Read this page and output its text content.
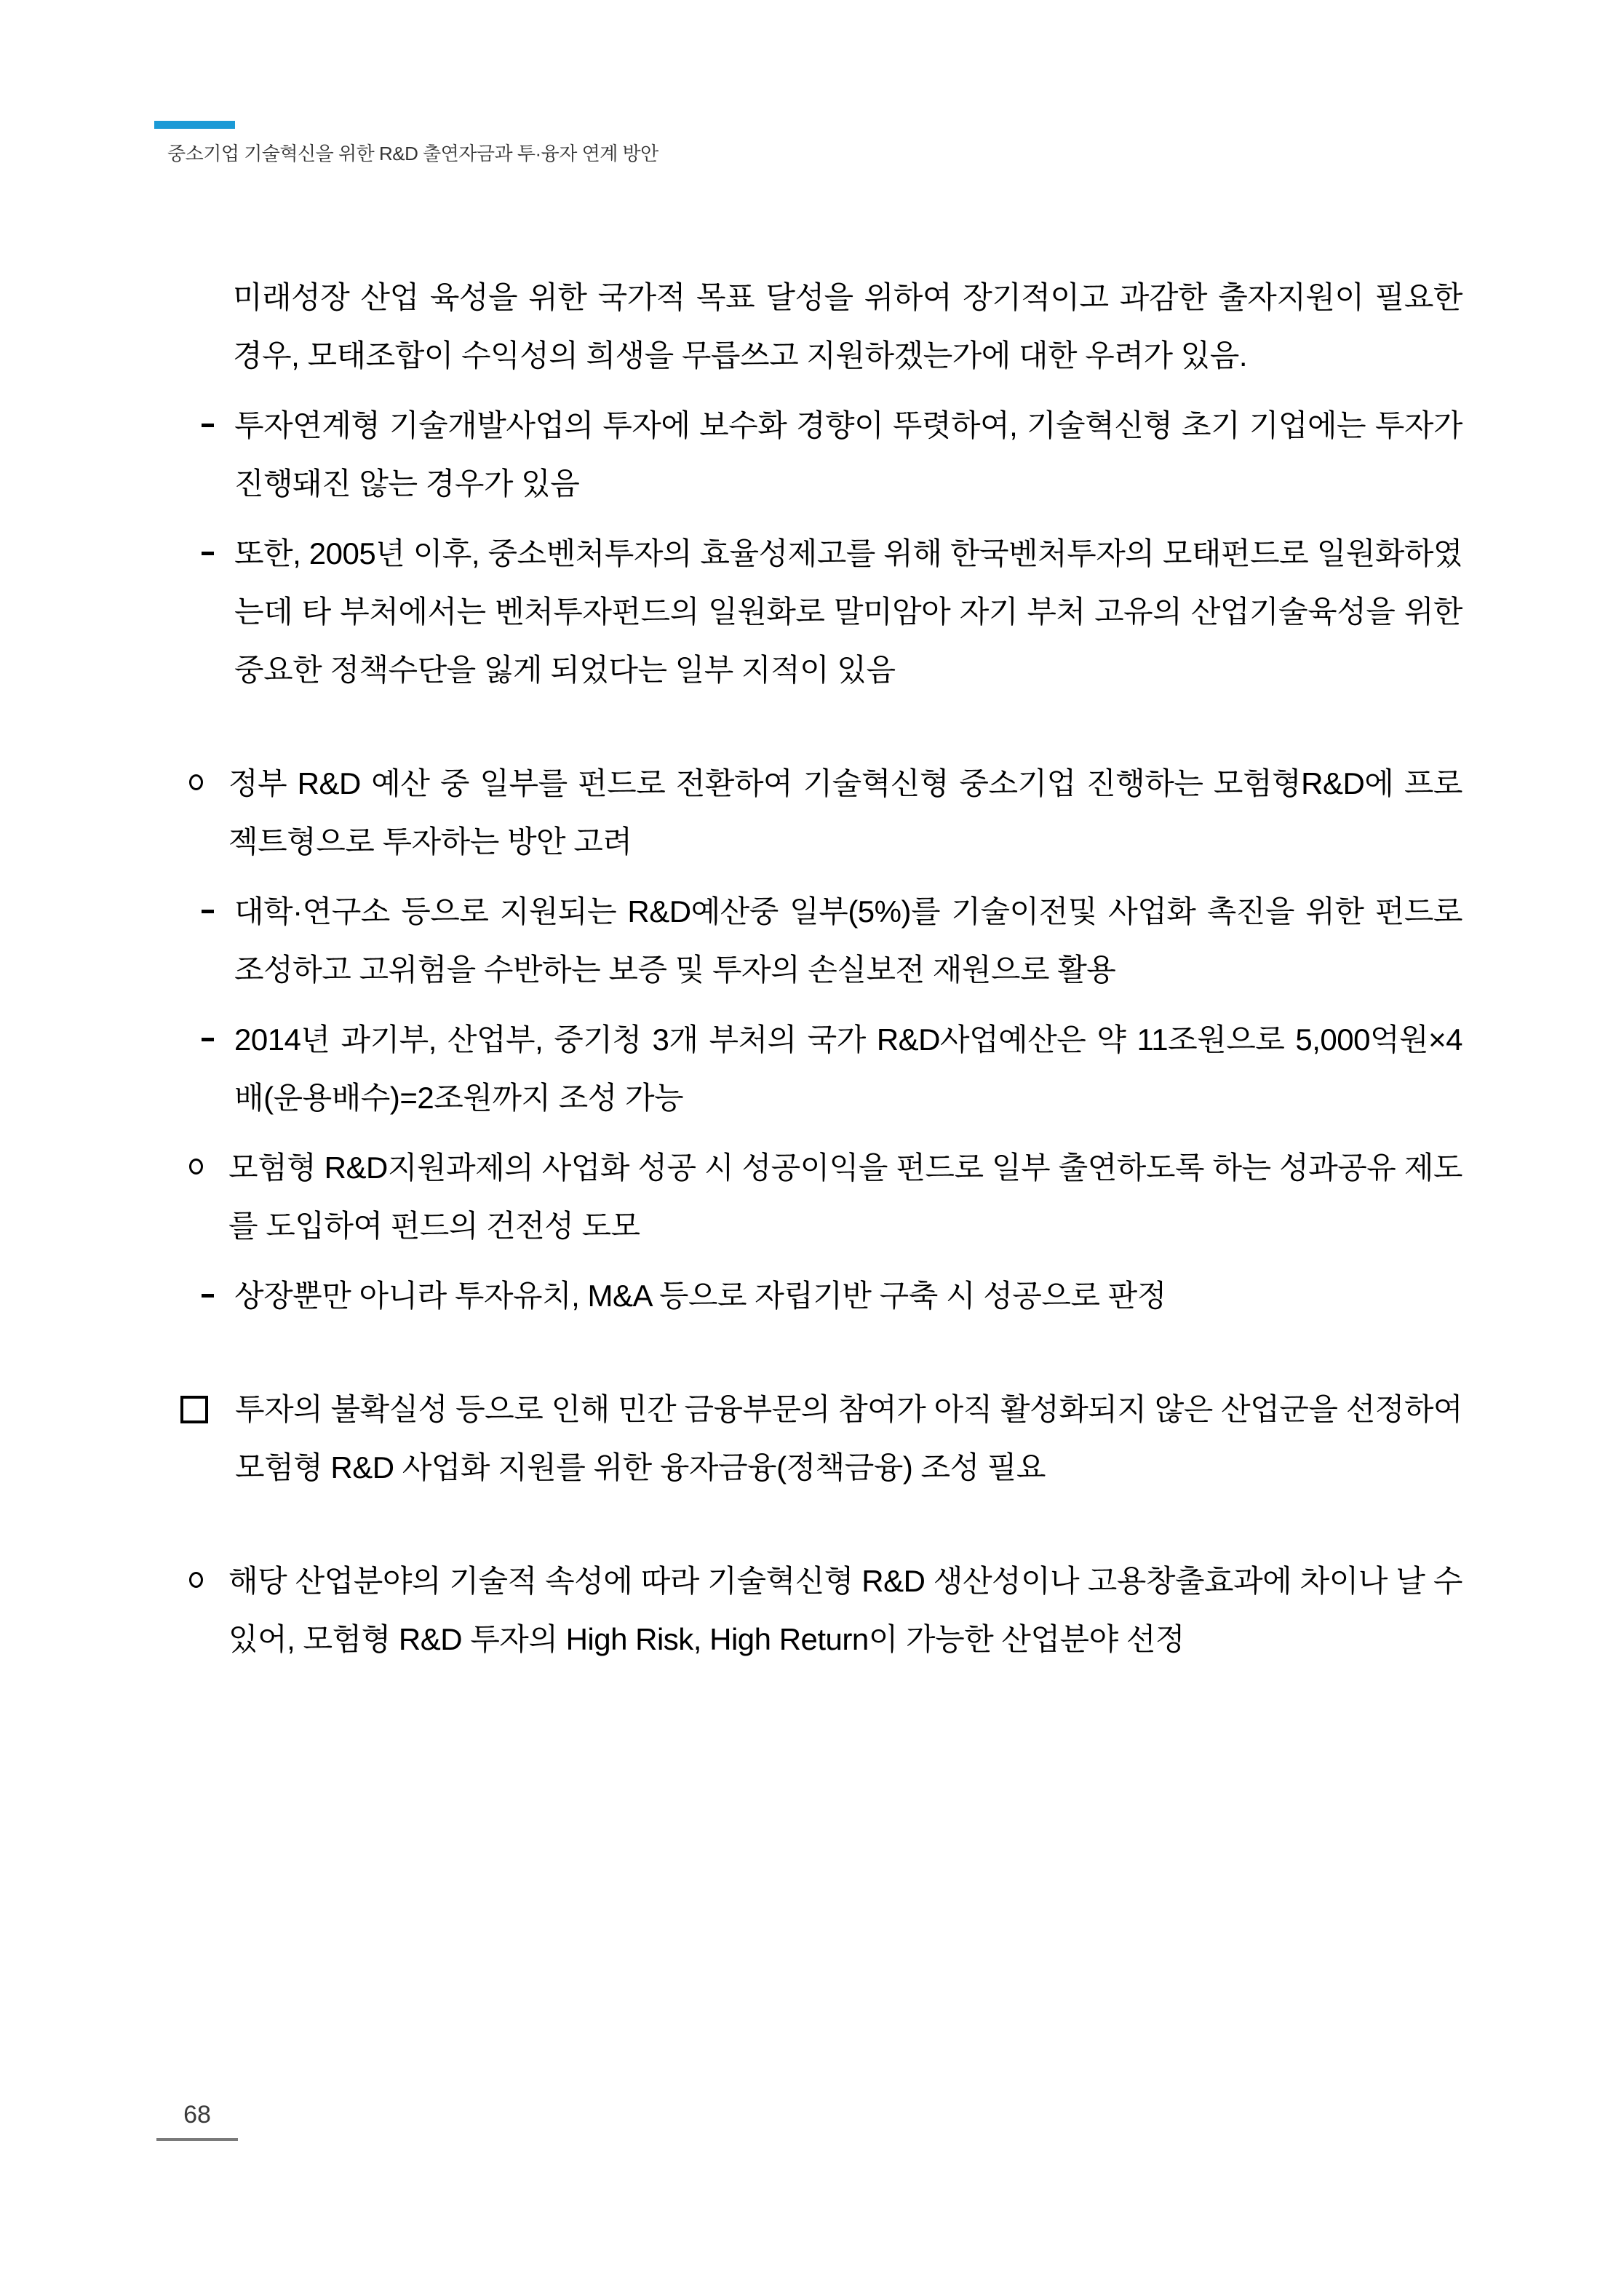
중소기업 기술혁신을 위한 R&D 출연자금과 투·융자 연계 방안
미래성장 산업 육성을 위한 국가적 목표 달성을 위하여 장기적이고 과감한 출자지원이 필요한 경우, 모태조합이 수익성의 희생을 무릅쓰고 지원하겠는가에 대한 우려가 있음.
투자연계형 기술개발사업의 투자에 보수화 경향이 뚜렷하여, 기술혁신형 초기 기업에는 투자가 진행돼진 않는 경우가 있음
또한, 2005년 이후, 중소벤처투자의 효율성제고를 위해 한국벤처투자의 모태펀드로 일원화하였는데 타 부처에서는 벤처투자펀드의 일원화로 말미암아 자기 부처 고유의 산업기술육성을 위한 중요한 정책수단을 잃게 되었다는 일부 지적이 있음
정부 R&D 예산 중 일부를 펀드로 전환하여 기술혁신형 중소기업 진행하는 모험형R&D에 프로젝트형으로 투자하는 방안 고려
대학·연구소 등으로 지원되는 R&D예산중 일부(5%)를 기술이전및 사업화 촉진을 위한 펀드로 조성하고 고위험을 수반하는 보증 및 투자의 손실보전 재원으로 활용
2014년 과기부, 산업부, 중기청 3개 부처의 국가 R&D사업예산은 약 11조원으로 5,000억원×4배(운용배수)=2조원까지 조성 가능
모험형 R&D지원과제의 사업화 성공 시 성공이익을 펀드로 일부 출연하도록 하는 성과공유 제도를 도입하여 펀드의 건전성 도모
상장뿐만 아니라 투자유치, M&A 등으로 자립기반 구축 시 성공으로 판정
투자의 불확실성 등으로 인해 민간 금융부문의 참여가 아직 활성화되지 않은 산업군을 선정하여 모험형 R&D 사업화 지원를 위한 융자금융(정책금융) 조성 필요
해당 산업분야의 기술적 속성에 따라 기술혁신형 R&D 생산성이나 고용창출효과에 차이나 날 수 있어, 모험형 R&D 투자의 High Risk, High Return이 가능한 산업분야 선정
68
